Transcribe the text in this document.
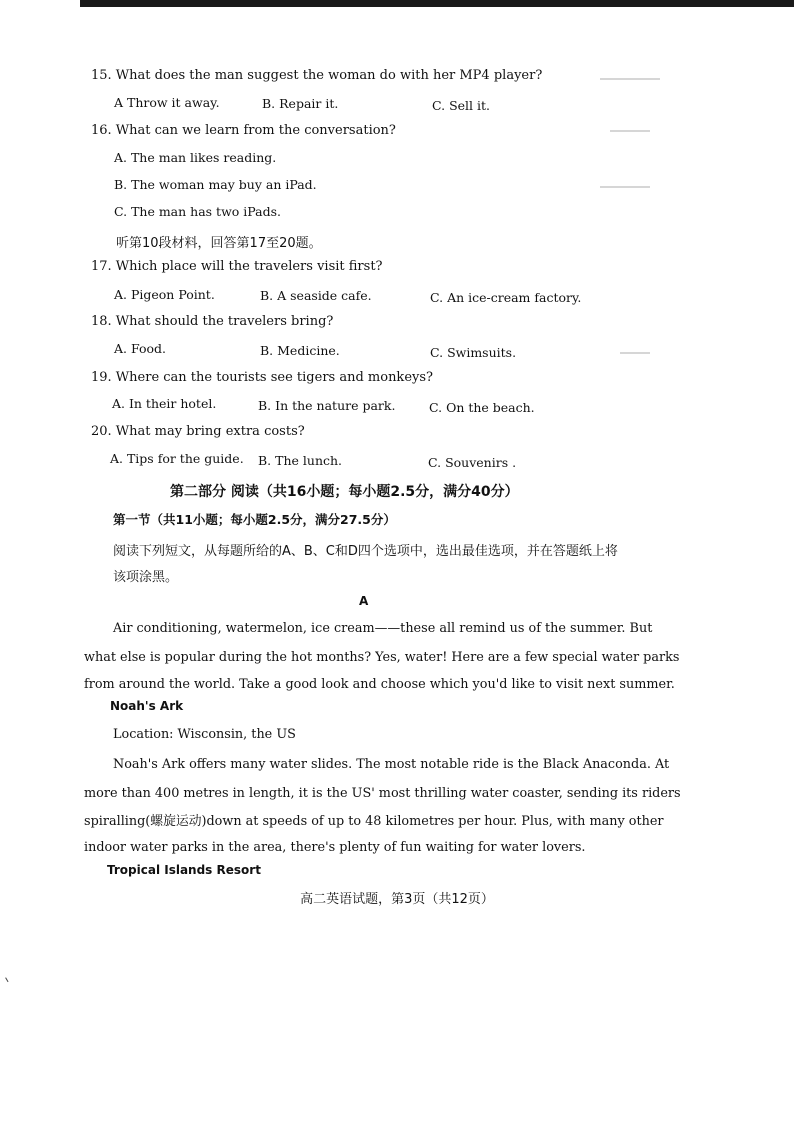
15. What does the man suggest the woman do with her MP4 player?
A Throw it away.	B. Repair it.	C. Sell it.
16. What can we learn from the conversation?
A. The man likes reading.
B. The woman may buy an iPad.
C. The man has two iPads.
听第10段材料，回答第17至20题。
17. Which place will the travelers visit first?
A. Pigeon Point.	B. A seaside cafe.	C. An ice-cream factory.
18. What should the travelers bring?
A. Food.	B. Medicine.	C. Swimsuits.
19. Where can the tourists see tigers and monkeys?
A. In their hotel.	B. In the nature park.	C. On the beach.
20. What may bring extra costs?
A. Tips for the guide. B. The lunch.	C. Souvenirs .
第二部分 阅读（共16小题；每小题2.5分，满分40分）
第一节（共11小题；每小题2.5分，满分27.5分）
阅读下列短文，从每题所给的A、B、C和D四个选项中，选出最佳选项，并在答题纸上将
该项涂黑。
A
Air conditioning, watermelon, ice cream——these all remind us of the summer. But
what else is popular during the hot months? Yes, water! Here are a few special water parks
from around the world. Take a good look and choose which you'd like to visit next summer.
Noah's Ark
Location: Wisconsin, the US
Noah's Ark offers many water slides. The most notable ride is the Black Anaconda. At
more than 400 metres in length, it is the US' most thrilling water coaster, sending its riders
spiralling(螺旋运动)down at speeds of up to 48 kilometres per hour. Plus, with many other
indoor water parks in the area, there's plenty of fun waiting for water lovers.
Tropical Islands Resort
高二英语试题，第3页（共12页）
